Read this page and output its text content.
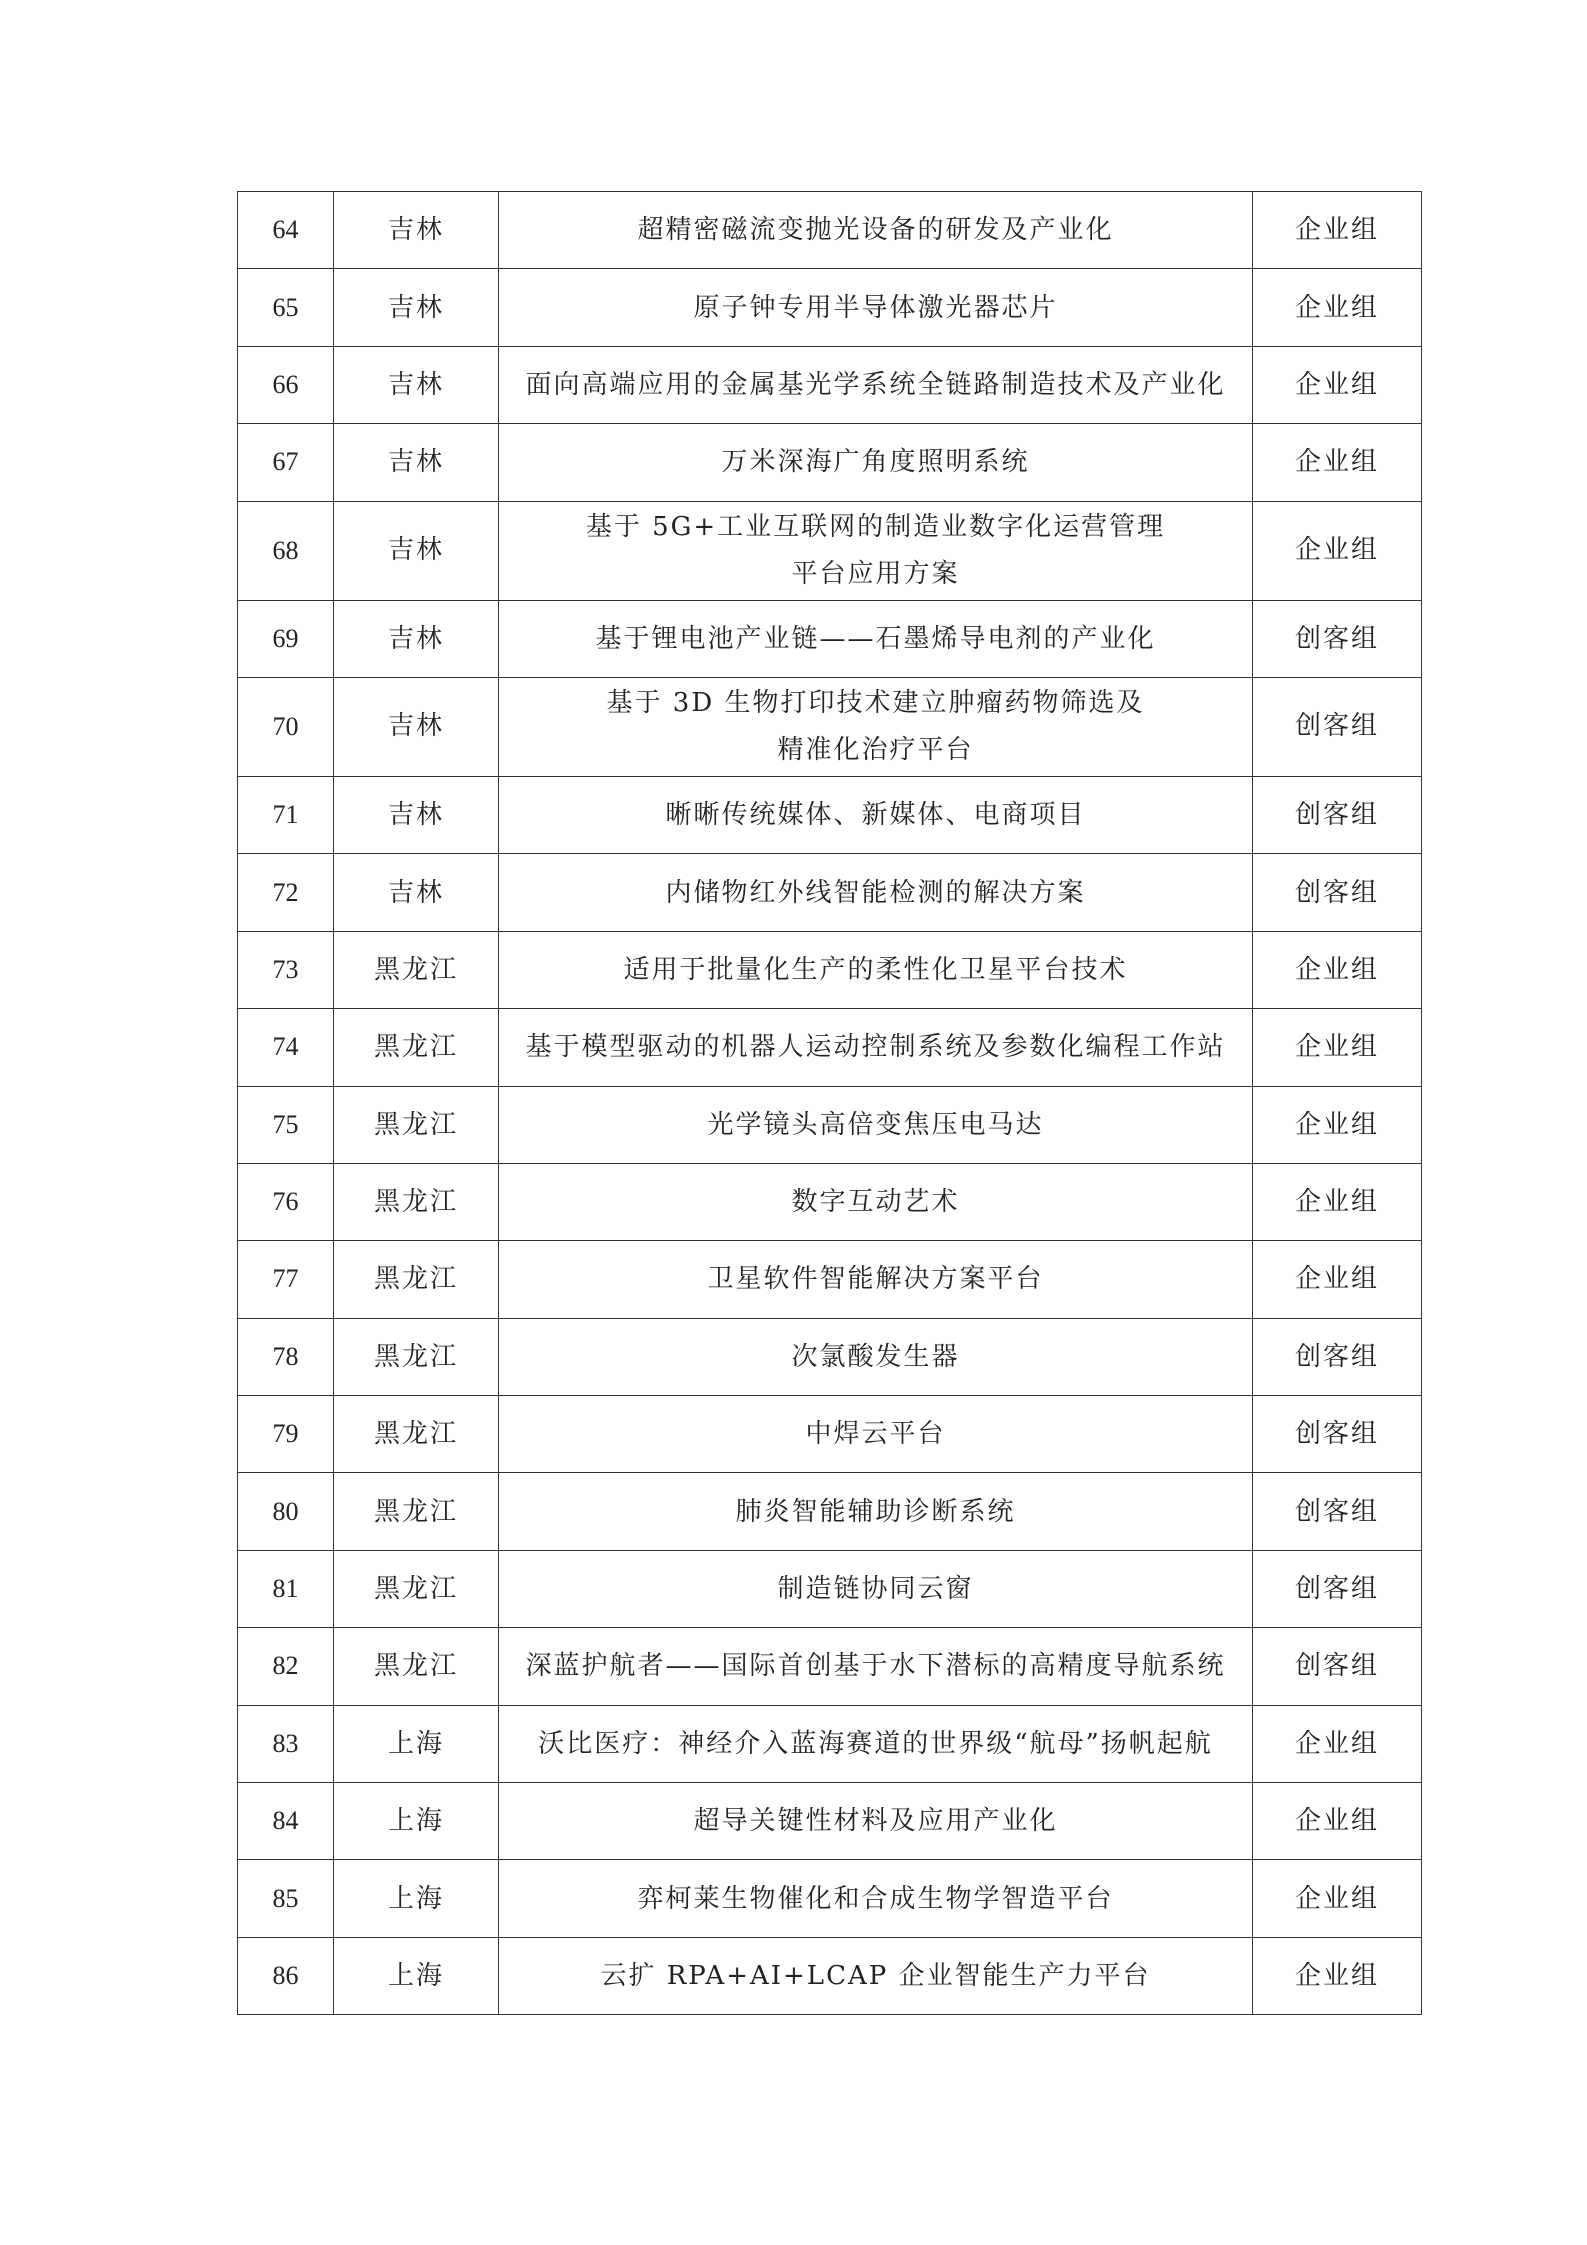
64	吉林	超精密磁流变抛光设备的研发及产业化	企业组
65	吉林	原子钟专用半导体激光器芯片	企业组
66	吉林	面向高端应用的金属基光学系统全链路制造技术及产业化	企业组
67	吉林	万米深海广角度照明系统	企业组
68	吉林	基于 5G+工业互联网的制造业数字化运营管理
平台应用方案	企业组
69	吉林	基于锂电池产业链——石墨烯导电剂的产业化	创客组
70	吉林	基于 3D 生物打印技术建立肿瘤药物筛选及
精准化治疗平台	创客组
71	吉林	晰晰传统媒体、新媒体、电商项目	创客组
72	吉林	内储物红外线智能检测的解决方案	创客组
73	黑龙江	适用于批量化生产的柔性化卫星平台技术	企业组
74	黑龙江	基于模型驱动的机器人运动控制系统及参数化编程工作站	企业组
75	黑龙江	光学镜头高倍变焦压电马达	企业组
76	黑龙江	数字互动艺术	企业组
77	黑龙江	卫星软件智能解决方案平台	企业组
78	黑龙江	次氯酸发生器	创客组
79	黑龙江	中焊云平台	创客组
80	黑龙江	肺炎智能辅助诊断系统	创客组
81	黑龙江	制造链协同云窗	创客组
82	黑龙江	深蓝护航者——国际首创基于水下潜标的高精度导航系统	创客组
83	上海	沃比医疗：神经介入蓝海赛道的世界级“航母”扬帆起航	企业组
84	上海	超导关键性材料及应用产业化	企业组
85	上海	弈柯莱生物催化和合成生物学智造平台	企业组
86	上海	云扩 RPA+AI+LCAP 企业智能生产力平台	企业组
